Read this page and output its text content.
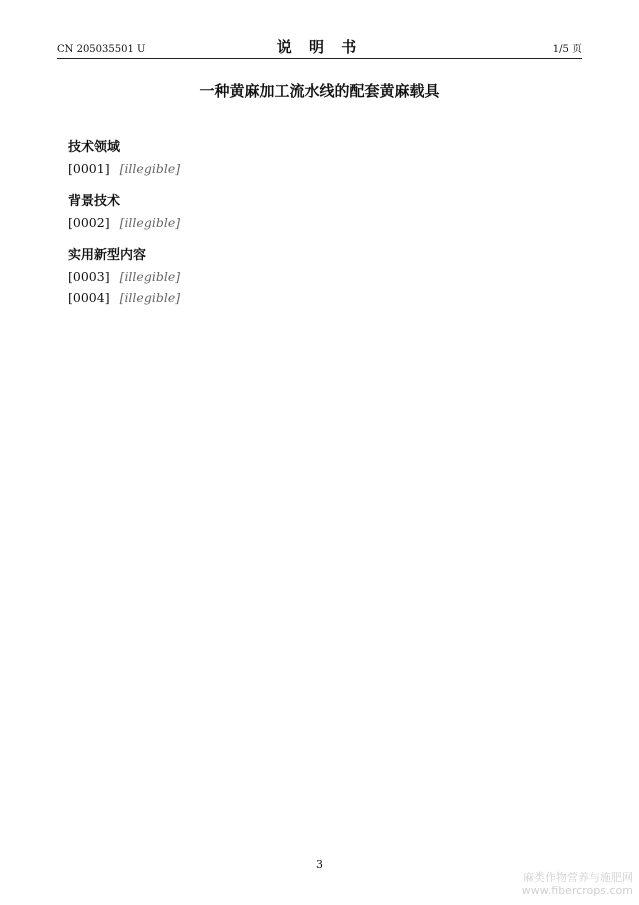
CN 205035501 U	说 明 书	1/5 页
一种黄麻加工流水线的配套黄麻载具
技术领域
[0001] [illegible]
背景技术
[0002] [illegible]
实用新型内容
[0003] [illegible]
[0004] [illegible]
3
麻类作物营养与施肥网
www.fibercrops.com
